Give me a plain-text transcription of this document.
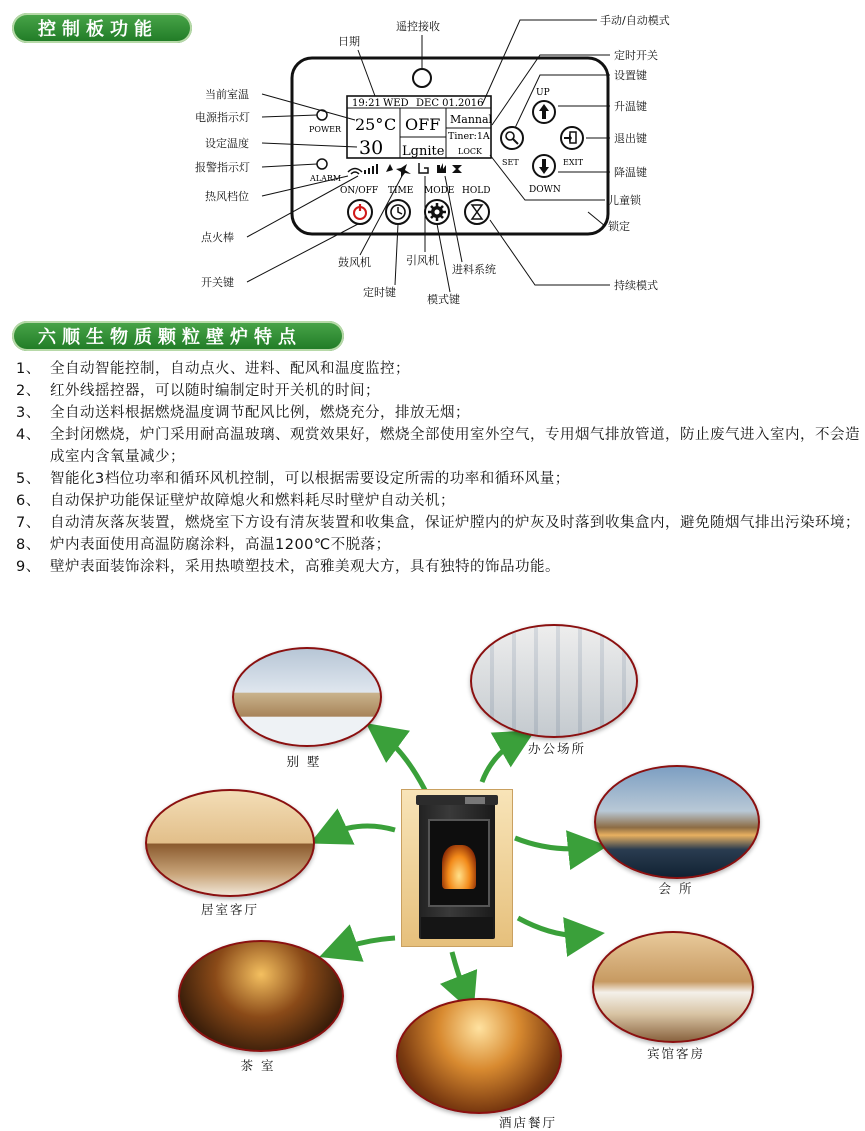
控制板功能
19:21 WED DEC 01.2016
25° C
30
OFF
Lgnite
Mannal
Tiner:1A
LOCK
POWER
ALARM
UP
SET	EXIT
DOWN
ON/OFF TIME MODE HOLD
遥控接收
日期
手动/自动模式
定时开关
设置键
升温键
退出键
降温键
儿童锁
锁定
持续模式
当前室温
电源指示灯
设定温度
报警指示灯
热风档位
点火棒
开关键
鼓风机
定时键
引风机
模式键
进料系统
六顺生物质颗粒壁炉特点
1、 全自动智能控制，自动点火、进料、配风和温度监控；
2、 红外线摇控器，可以随时编制定时开关机的时间；
3、 全自动送料根据燃烧温度调节配风比例，燃烧充分，排放无烟；
4、 全封闭燃烧，炉门采用耐高温玻璃、观赏效果好，燃烧全部使用室外空气，专用烟气排放管道，防止废气进入室内，不会造成室内含氧量减少；
5、 智能化3档位功率和循环风机控制，可以根据需要设定所需的功率和循环风量；
6、 自动保护功能保证壁炉故障熄火和燃料耗尽时壁炉自动关机；
7、 自动清灰落灰装置，燃烧室下方设有清灰装置和收集盒，保证炉膛内的炉灰及时落到收集盒内，避免随烟气排出污染环境；
8、 炉内表面使用高温防腐涂料，高温1200℃不脱落；
9、 壁炉表面装饰涂料，采用热喷塑技术，高雅美观大方，具有独特的饰品功能。
别 墅
办公场所
居室客厅
会 所
茶 室
宾馆客房
酒店餐厅
